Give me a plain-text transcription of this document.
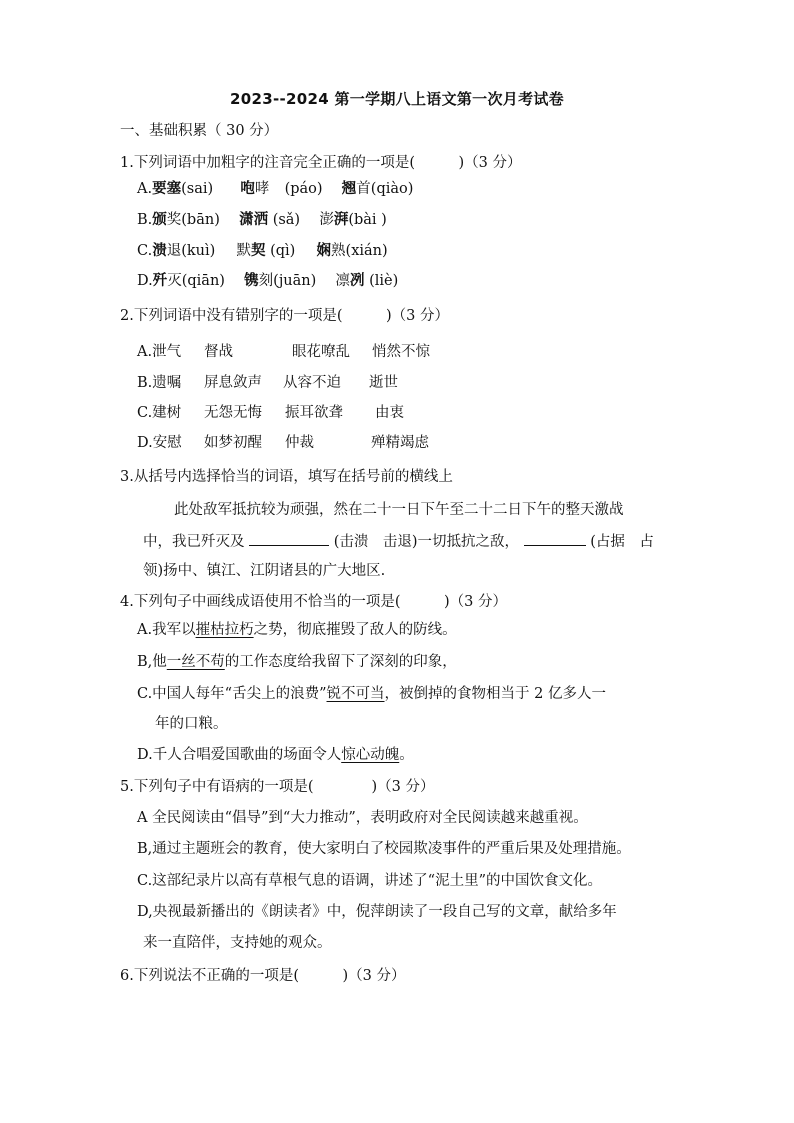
2023--2024 第一学期八上语文第一次月考试卷
一、基础积累（ 30 分）
1.下列词语中加粗字的注音完全正确的一项是(　　　)（3 分）
A.要塞(sai) 咆哮 (páo) 翘首(qiào)
B.颁奖(bān) 潇洒 (sǎ) 澎湃(bài )
C.溃退(kuì) 默契 (qì) 娴熟(xián)
D.歼灭(qiān) 镌刻(juān) 凛冽 (liè)
2.下列词语中没有错别字的一项是(　　　)（3 分）
A.泄气 督战	眼花嘹乱 悄然不惊
B.遗嘱 屏息敛声 从容不迫 逝世
C.建树 无怨无悔 振耳欲聋 由衷
D.安慰 如梦初醒 仲裁	殚精竭虑
3.从括号内选择恰当的词语，填写在括号前的横线上
此处敌军抵抗较为顽强，然在二十一日下午至二十二日下午的整天激战
中，我已歼灭及	(击溃　击退)一切抵抗之敌，	(占据　占
领)扬中、镇江、江阴诸县的广大地区.
4.下列句子中画线成语使用不恰当的一项是(　　　)（3 分）
A.我军以摧枯拉朽之势，彻底摧毁了敌人的防线。
B,他一丝不苟的工作态度给我留下了深刻的印象，
C.中国人每年“舌尖上的浪费”锐不可当，被倒掉的食物相当于 2 亿多人一
年的口粮。
D.千人合唱爱国歌曲的场面令人惊心动魄。
5.下列句子中有语病的一项是(　　　　)（3 分）
A 全民阅读由“倡导”到“大力推动”，表明政府对全民阅读越来越重视。
B,通过主题班会的教育，使大家明白了校园欺凌事件的严重后果及处理措施。
C.这部纪录片以高有草根气息的语调，讲述了“泥土里”的中国饮食文化。
D,央视最新播出的《朗读者》中，倪萍朗读了一段自己写的文章，献给多年
来一直陪伴，支持她的观众。
6.下列说法不正确的一项是(　　　)（3 分）
